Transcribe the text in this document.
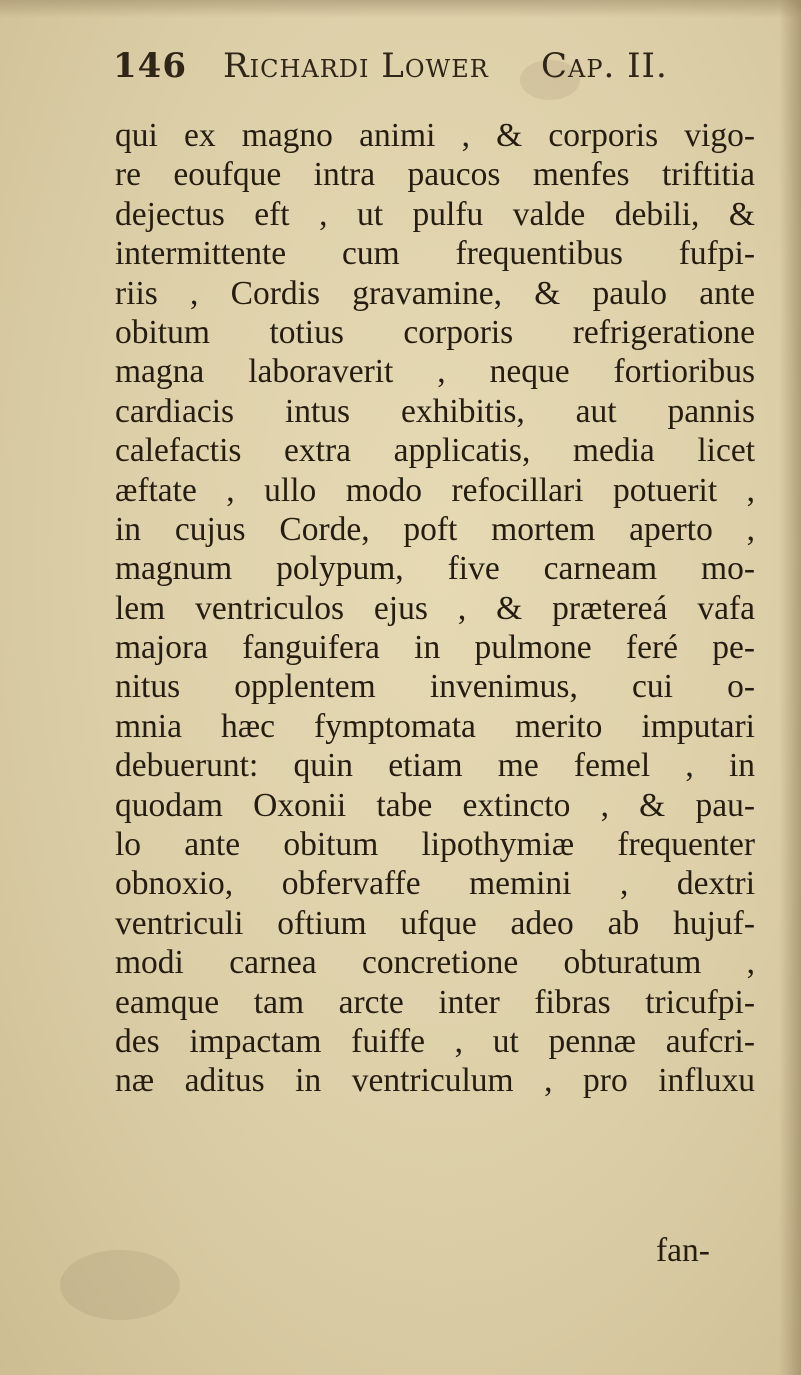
146 Richardi Lower Cap. II.
qui ex magno animi , & corporis vigo-
re eoufque intra paucos menfes triftitia
dejectus eft , ut pulfu valde debili, &
intermittente cum frequentibus fufpi-
riis , Cordis gravamine, & paulo ante
obitum totius corporis refrigeratione
magna laboraverit , neque fortioribus
cardiacis intus exhibitis, aut pannis
calefactis extra applicatis, media licet
æftate , ullo modo refocillari potuerit ,
in cujus Corde, poft mortem aperto ,
magnum polypum, five carneam mo-
lem ventriculos ejus , & prætereá vafa
majora fanguifera in pulmone feré pe-
nitus opplentem invenimus, cui o-
mnia hæc fymptomata merito imputari
debuerunt: quin etiam me femel , in
quodam Oxonii tabe extincto , & pau-
lo ante obitum lipothymiæ frequenter
obnoxio, obfervaffe memini , dextri
ventriculi oftium ufque adeo ab hujuf-
modi carnea concretione obturatum ,
eamque tam arcte inter fibras tricufpi-
des impactam fuiffe , ut pennæ aufcri-
næ aditus in ventriculum , pro influxu
fan-
